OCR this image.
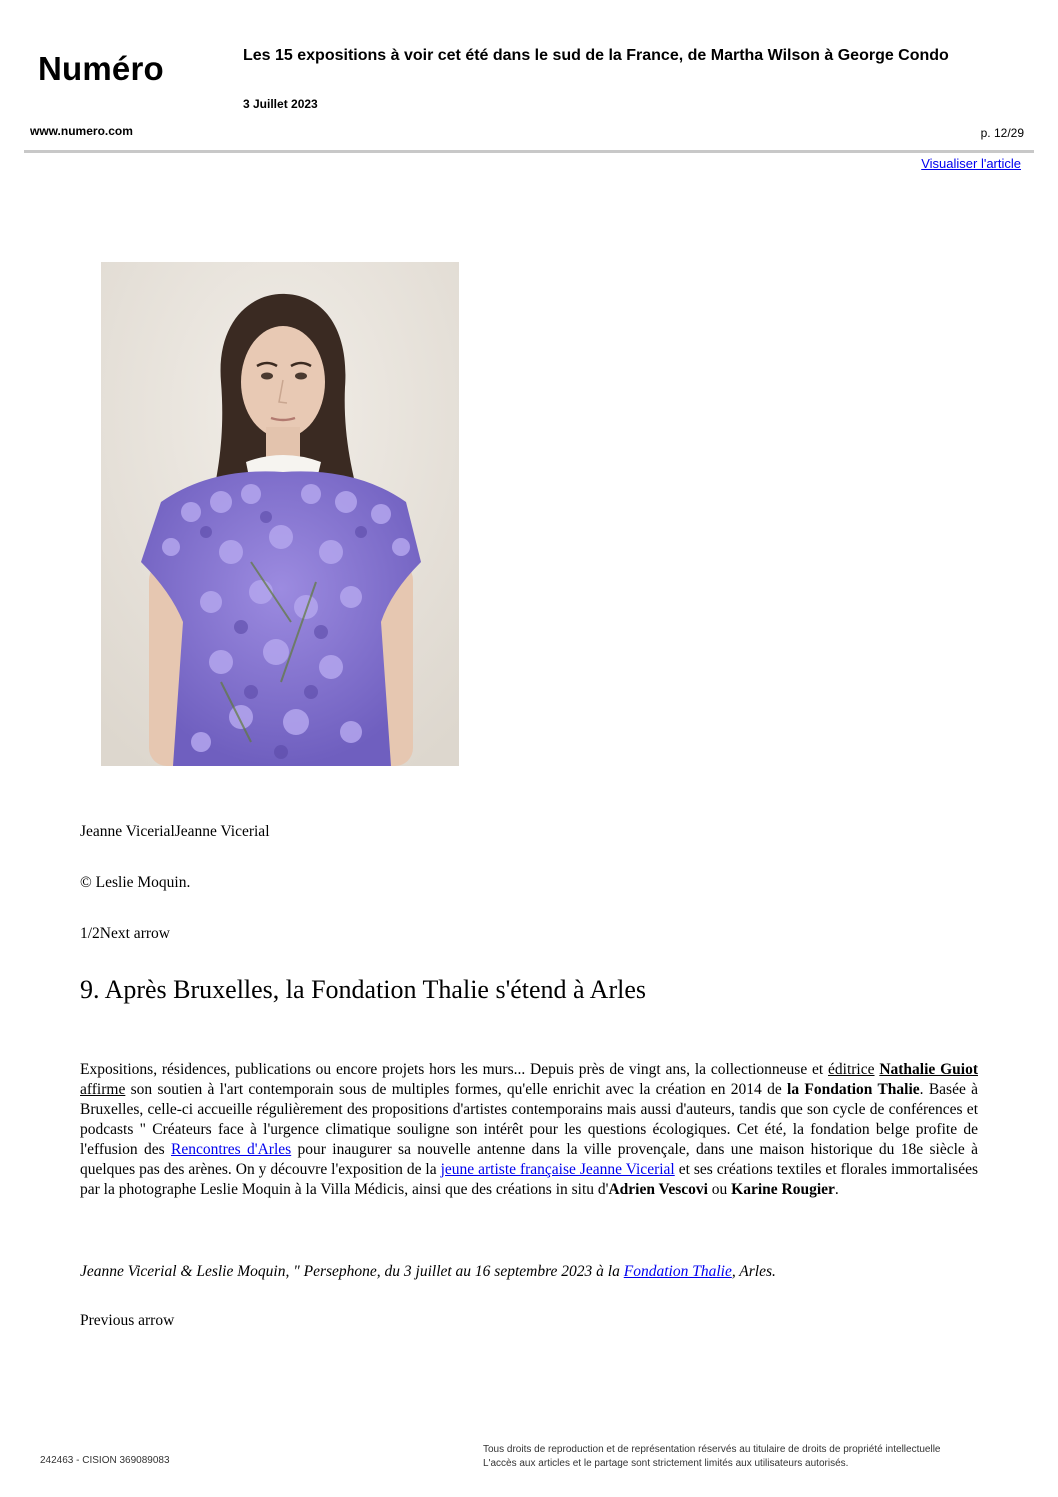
Numéro	Les 15 expositions à voir cet été dans le sud de la France, de Martha Wilson à George Condo
3 Juillet 2023
www.numero.com	p. 12/29
Visualiser l'article
Jeanne VicerialJeanne Vicerial
© Leslie Moquin.
1/2Next arrow
9. Après Bruxelles, la Fondation Thalie s'étend à Arles
Expositions, résidences, publications ou encore projets hors les murs... Depuis près de vingt ans, la collectionneuse et éditrice Nathalie Guiot affirme son soutien à l'art contemporain sous de multiples formes, qu'elle enrichit avec la création en 2014 de la Fondation Thalie. Basée à Bruxelles, celle-ci accueille régulièrement des propositions d'artistes contemporains mais aussi d'auteurs, tandis que son cycle de conférences et podcasts " Créateurs face à l'urgence climatique souligne son intérêt pour les questions écologiques. Cet été, la fondation belge profite de l'effusion des Rencontres d'Arles pour inaugurer sa nouvelle antenne dans la ville provençale, dans une maison historique du 18e siècle à quelques pas des arènes. On y découvre l'exposition de la jeune artiste française Jeanne Vicerial et ses créations textiles et florales immortalisées par la photographe Leslie Moquin à la Villa Médicis, ainsi que des créations in situ d'Adrien Vescovi ou Karine Rougier.
Jeanne Vicerial & Leslie Moquin, " Persephone, du 3 juillet au 16 septembre 2023 à la Fondation Thalie, Arles.
Previous arrow
242463 - CISION 369089083
Tous droits de reproduction et de représentation réservés au titulaire de droits de propriété intellectuelle
L'accès aux articles et le partage sont strictement limités aux utilisateurs autorisés.
